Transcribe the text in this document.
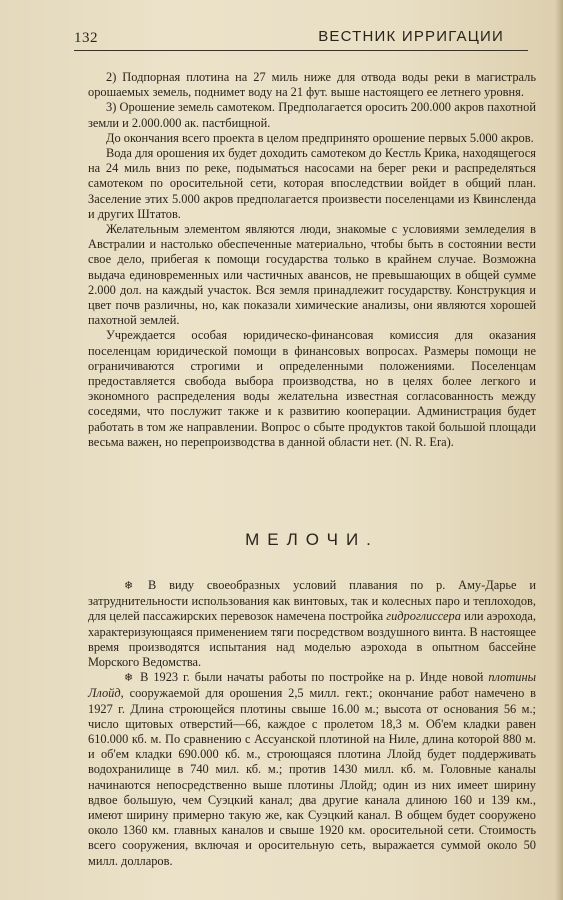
132	ВЕСТНИК ИРРИГАЦИИ

2) Подпорная плотина на 27 миль ниже для отвода воды реки в магистраль орошаемых земель, поднимет воду на 21 фут. выше настоящего ее летнего уровня.

3) Орошение земель самотеком. Предполагается оросить 200.000 акров пахотной земли и 2.000.000 ак. пастбищной.

До окончания всего проекта в целом предпринято орошение первых 5.000 акров.

Вода для орошения их будет доходить самотеком до Кестль Крика, находящегося на 24 миль вниз по реке, подыматься насосами на берег реки и распределяться самотеком по оросительной сети, которая впоследствии войдет в общий план. Заселение этих 5.000 акров предполагается произвести поселенцами из Квинсленда и других Штатов.

Желательным элементом являются люди, знакомые с условиями земледелия в Австралии и настолько обеспеченные материально, чтобы быть в состоянии вести свое дело, прибегая к помощи государства только в крайнем случае. Возможна выдача единовременных или частичных авансов, не превышающих в общей сумме 2.000 дол. на каждый участок. Вся земля принадлежит государству. Конструкция и цвет почв различны, но, как показали химические анализы, они являются хорошей пахотной землей.

Учреждается особая юридическо-финансовая комиссия для оказания поселенцам юридической помощи в финансовых вопросах. Размеры помощи не ограничиваются строгими и определенными положениями. Поселенцам предоставляется свобода выбора производства, но в целях более легкого и экономного распределения воды желательна известная согласованность между соседями, что послужит также и к развитию кооперации. Администрация будет работать в том же направлении. Вопрос о сбыте продуктов такой большой площади весьма важен, но перепроизводства в данной области нет. (N. R. Era).

МЕЛОЧИ.

❄ В виду своеобразных условий плавания по р. Аму-Дарье и затруднительности использования как винтовых, так и колесных паро и теплоходов, для целей пассажирских перевозок намечена постройка гидроглиссера или аэрохода, характеризующаяся применением тяги посредством воздушного винта. В настоящее время производятся испытания над моделью аэрохода в опытном бассейне Морского Ведомства.

❄ В 1923 г. были начаты работы по постройке на р. Инде новой плотины Ллойд, сооружаемой для орошения 2,5 милл. гект.; окончание работ намечено в 1927 г. Длина строющейся плотины свыше 16.00 м.; высота от основания 56 м.; число щитовых отверстий—66, каждое с пролетом 18,3 м. Об'ем кладки равен 610.000 кб. м. По сравнению с Ассуанской плотиной на Ниле, длина которой 880 м. и об'ем кладки 690.000 кб. м., строющаяся плотина Ллойд будет поддерживать водохранилище в 740 мил. кб. м.; против 1430 милл. кб. м. Головные каналы начинаются непосредственно выше плотины Ллойд; один из них имеет ширину вдвое большую, чем Суэцкий канал; два другие канала длиною 160 и 139 км., имеют ширину примерно такую же, как Суэцкий канал. В общем будет сооружено около 1360 км. главных каналов и свыше 1920 км. оросительной сети. Стоимость всего сооружения, включая и оросительную сеть, выражается суммой около 50 милл. долларов.
